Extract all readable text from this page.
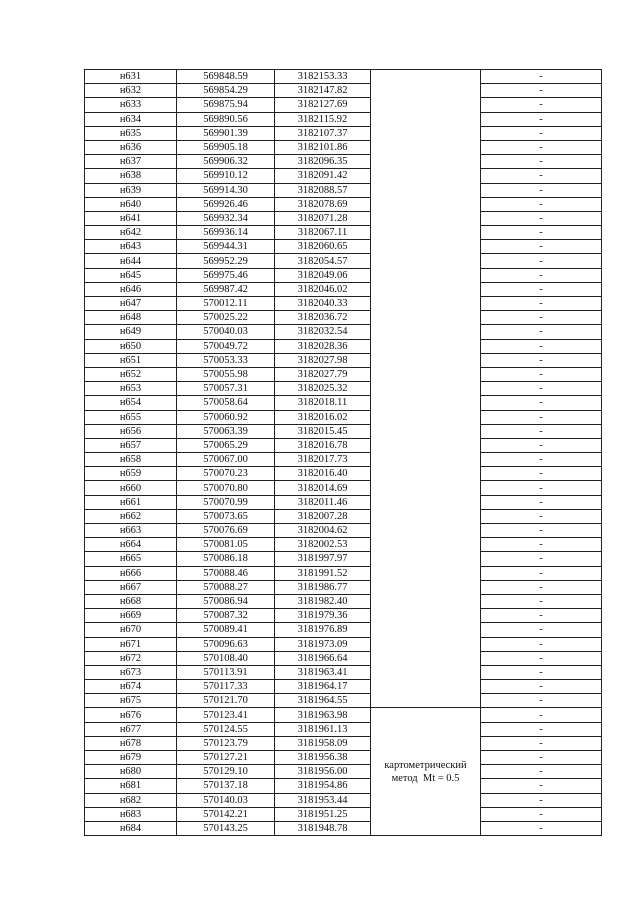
н631	569848.59	3182153.33		-
н632	569854.29	3182147.82		-
н633	569875.94	3182127.69		-
н634	569890.56	3182115.92		-
н635	569901.39	3182107.37		-
н636	569905.18	3182101.86		-
н637	569906.32	3182096.35		-
н638	569910.12	3182091.42		-
н639	569914.30	3182088.57		-
н640	569926.46	3182078.69		-
н641	569932.34	3182071.28		-
н642	569936.14	3182067.11		-
н643	569944.31	3182060.65		-
н644	569952.29	3182054.57		-
н645	569975.46	3182049.06		-
н646	569987.42	3182046.02		-
н647	570012.11	3182040.33		-
н648	570025.22	3182036.72		-
н649	570040.03	3182032.54		-
н650	570049.72	3182028.36		-
н651	570053.33	3182027.98		-
н652	570055.98	3182027.79		-
н653	570057.31	3182025.32		-
н654	570058.64	3182018.11		-
н655	570060.92	3182016.02		-
н656	570063.39	3182015.45		-
н657	570065.29	3182016.78		-
н658	570067.00	3182017.73		-
н659	570070.23	3182016.40		-
н660	570070.80	3182014.69		-
н661	570070.99	3182011.46		-
н662	570073.65	3182007.28		-
н663	570076.69	3182004.62		-
н664	570081.05	3182002.53		-
н665	570086.18	3181997.97		-
н666	570088.46	3181991.52		-
н667	570088.27	3181986.77		-
н668	570086.94	3181982.40		-
н669	570087.32	3181979.36		-
н670	570089.41	3181976.89		-
н671	570096.63	3181973.09		-
н672	570108.40	3181966.64		-
н673	570113.91	3181963.41		-
н674	570117.33	3181964.17		-
н675	570121.70	3181964.55		-
н676	570123.41	3181963.98	картометрический
метод  Mt = 0.5	-
н677	570124.55	3181961.13		-
н678	570123.79	3181958.09		-
н679	570127.21	3181956.38		-
н680	570129.10	3181956.00		-
н681	570137.18	3181954.86		-
н682	570140.03	3181953.44		-
н683	570142.21	3181951.25		-
н684	570143.25	3181948.78		-
